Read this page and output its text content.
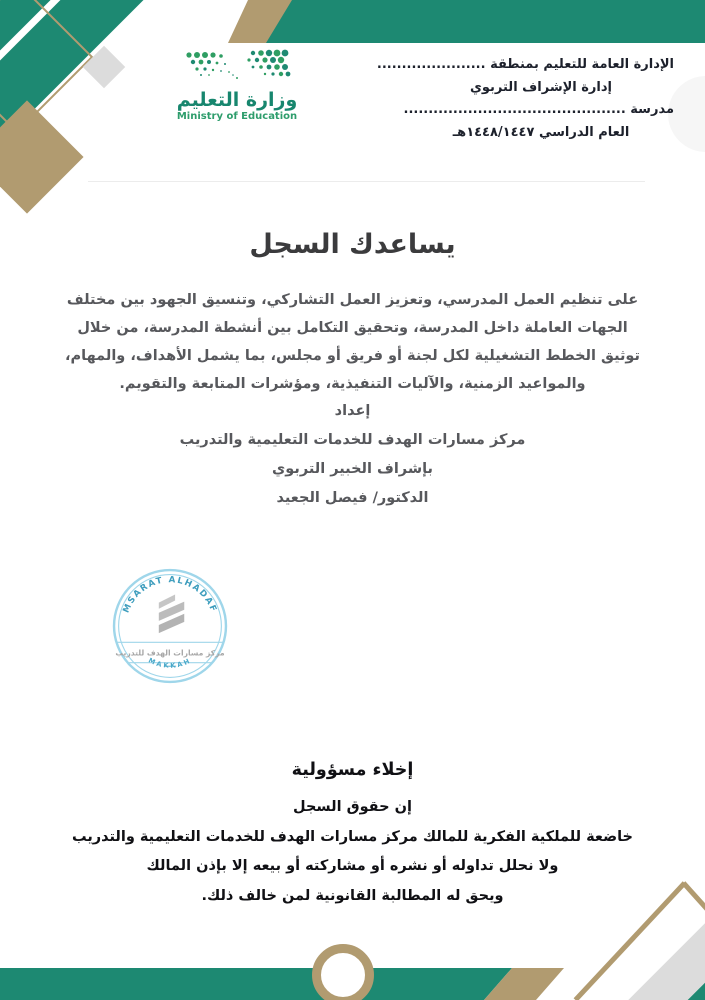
وزارة التعليم
Ministry of Education
الإدارة العامة للتعليم بمنطقة ......................
إدارة الإشراف التربوي
مدرسة .............................................
العام الدراسي ١٤٤٨/١٤٤٧هـ
يساعدك السجل
على تنظيم العمل المدرسي، وتعزيز العمل التشاركي، وتنسيق الجهود بين مختلف الجهات العاملة داخل المدرسة، وتحقيق التكامل بين أنشطة المدرسة، من خلال توثيق الخطط التشغيلية لكل لجنة أو فريق أو مجلس، بما يشمل الأهداف، والمهام، والمواعيد الزمنية، والآليات التنفيذية، ومؤشرات المتابعة والتقويم.
إعداد
مركز مسارات الهدف للخدمات التعليمية والتدريب
بإشراف الخبير التربوي
الدكتور/ فيصل الجعيد
MSARAT ALHADAF
مركز مسارات الهدف للتدريب
MAKKAH
إخلاء مسؤولية
إن حقوق السجل
خاضعة للملكية الفكرية للمالك مركز مسارات الهدف للخدمات التعليمية والتدريب
ولا نحلل تداوله أو نشره أو مشاركته أو بيعه إلا بإذن المالك
ويحق له المطالبة القانونية لمن خالف ذلك.
